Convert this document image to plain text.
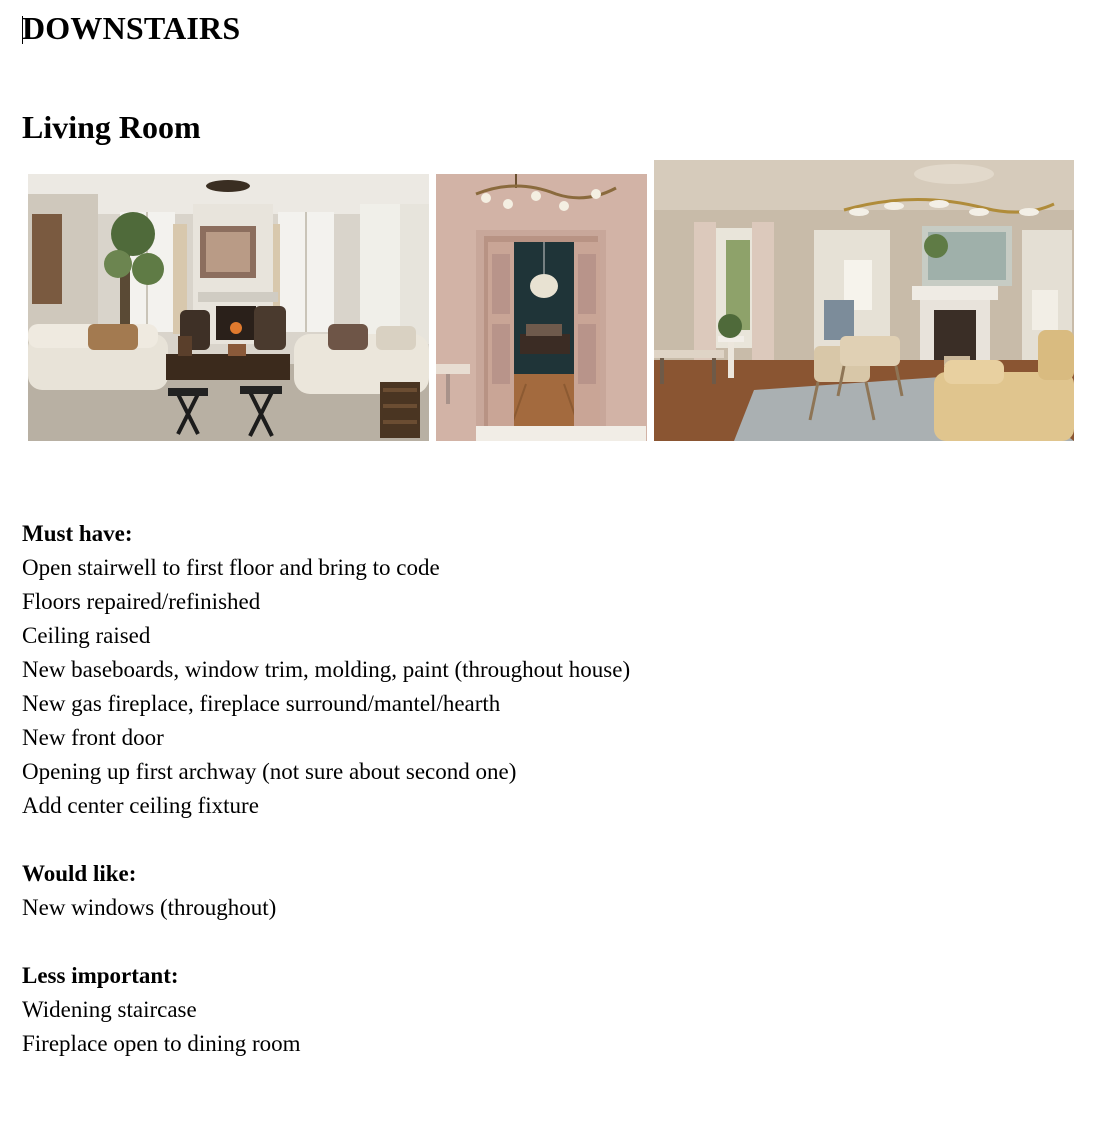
DOWNSTAIRS
Living Room
Must have:
Open stairwell to first floor and bring to code
Floors repaired/refinished
Ceiling raised
New baseboards, window trim, molding, paint (throughout house)
New gas fireplace, fireplace surround/mantel/hearth
New front door
Opening up first archway (not sure about second one)
Add center ceiling fixture
Would like:
New windows (throughout)
Less important:
Widening staircase
Fireplace open to dining room
